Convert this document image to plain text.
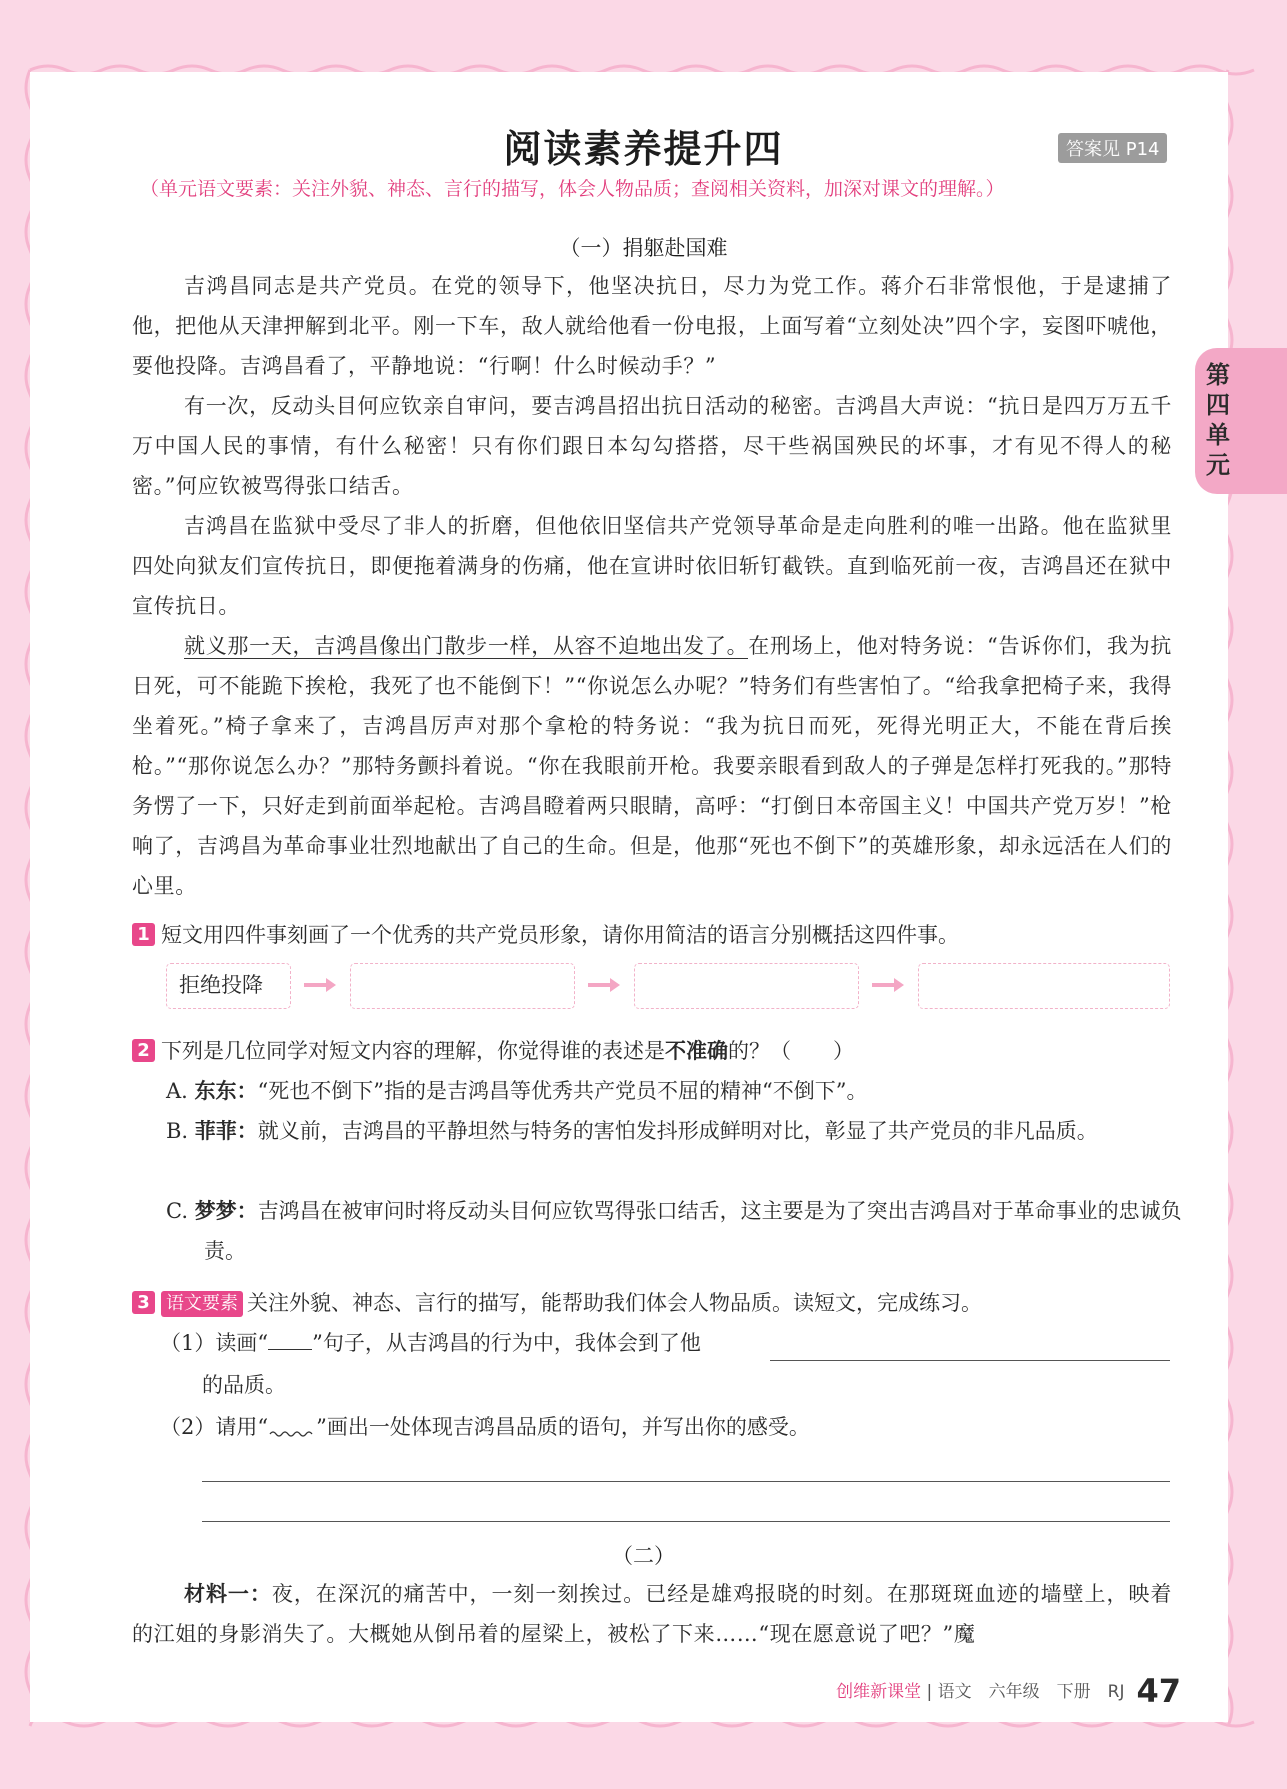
第四单元
阅读素养提升四	答案见 P14
（单元语文要素：关注外貌、神态、言行的描写，体会人物品质；查阅相关资料，加深对课文的理解。）
（一）捐躯赴国难

吉鸿昌同志是共产党员。在党的领导下，他坚决抗日，尽力为党工作。蒋介石非常恨他，于是逮捕了他，把他从天津押解到北平。刚一下车，敌人就给他看一份电报，上面写着“立刻处决”四个字，妄图吓唬他，要他投降。吉鸿昌看了，平静地说：“行啊！什么时候动手？”

有一次，反动头目何应钦亲自审问，要吉鸿昌招出抗日活动的秘密。吉鸿昌大声说：“抗日是四万万五千万中国人民的事情，有什么秘密！只有你们跟日本勾勾搭搭，尽干些祸国殃民的坏事，才有见不得人的秘密。”何应钦被骂得张口结舌。

吉鸿昌在监狱中受尽了非人的折磨，但他依旧坚信共产党领导革命是走向胜利的唯一出路。他在监狱里四处向狱友们宣传抗日，即便拖着满身的伤痛，他在宣讲时依旧斩钉截铁。直到临死前一夜，吉鸿昌还在狱中宣传抗日。

就义那一天，吉鸿昌像出门散步一样，从容不迫地出发了。在刑场上，他对特务说：“告诉你们，我为抗日死，可不能跪下挨枪，我死了也不能倒下！”“你说怎么办呢？”特务们有些害怕了。“给我拿把椅子来，我得坐着死。”椅子拿来了，吉鸿昌厉声对那个拿枪的特务说：“我为抗日而死，死得光明正大，不能在背后挨枪。”“那你说怎么办？”那特务颤抖着说。“你在我眼前开枪。我要亲眼看到敌人的子弹是怎样打死我的。”那特务愣了一下，只好走到前面举起枪。吉鸿昌瞪着两只眼睛，高呼：“打倒日本帝国主义！中国共产党万岁！”枪响了，吉鸿昌为革命事业壮烈地献出了自己的生命。但是，他那“死也不倒下”的英雄形象，却永远活在人们的心里。

1 短文用四件事刻画了一个优秀的共产党员形象，请你用简洁的语言分别概括这四件事。
拒绝投降
2 下列是几位同学对短文内容的理解，你觉得谁的表述是不准确的？（　　）
A. 东东：“死也不倒下”指的是吉鸿昌等优秀共产党员不屈的精神“不倒下”。
B. 菲菲：就义前，吉鸿昌的平静坦然与特务的害怕发抖形成鲜明对比，彰显了共产党员的非凡品质。
C. 梦梦：吉鸿昌在被审问时将反动头目何应钦骂得张口结舌，这主要是为了突出吉鸿昌对于革命事业的忠诚负责。
3 语文要素 关注外貌、神态、言行的描写，能帮助我们体会人物品质。读短文，完成练习。
（1）读画“ ”句子，从吉鸿昌的行为中，我体会到了他
的品质。
（2）请用“ ”画出一处体现吉鸿昌品质的语句，并写出你的感受。
（二）

材料一：夜，在深沉的痛苦中，一刻一刻挨过。已经是雄鸡报晓的时刻。在那斑斑血迹的墙壁上，映着的江姐的身影消失了。大概她从倒吊着的屋梁上，被松了下来……“现在愿意说了吧？”魔

创维新课堂 | 语文　六年级　下册　RJ 47
